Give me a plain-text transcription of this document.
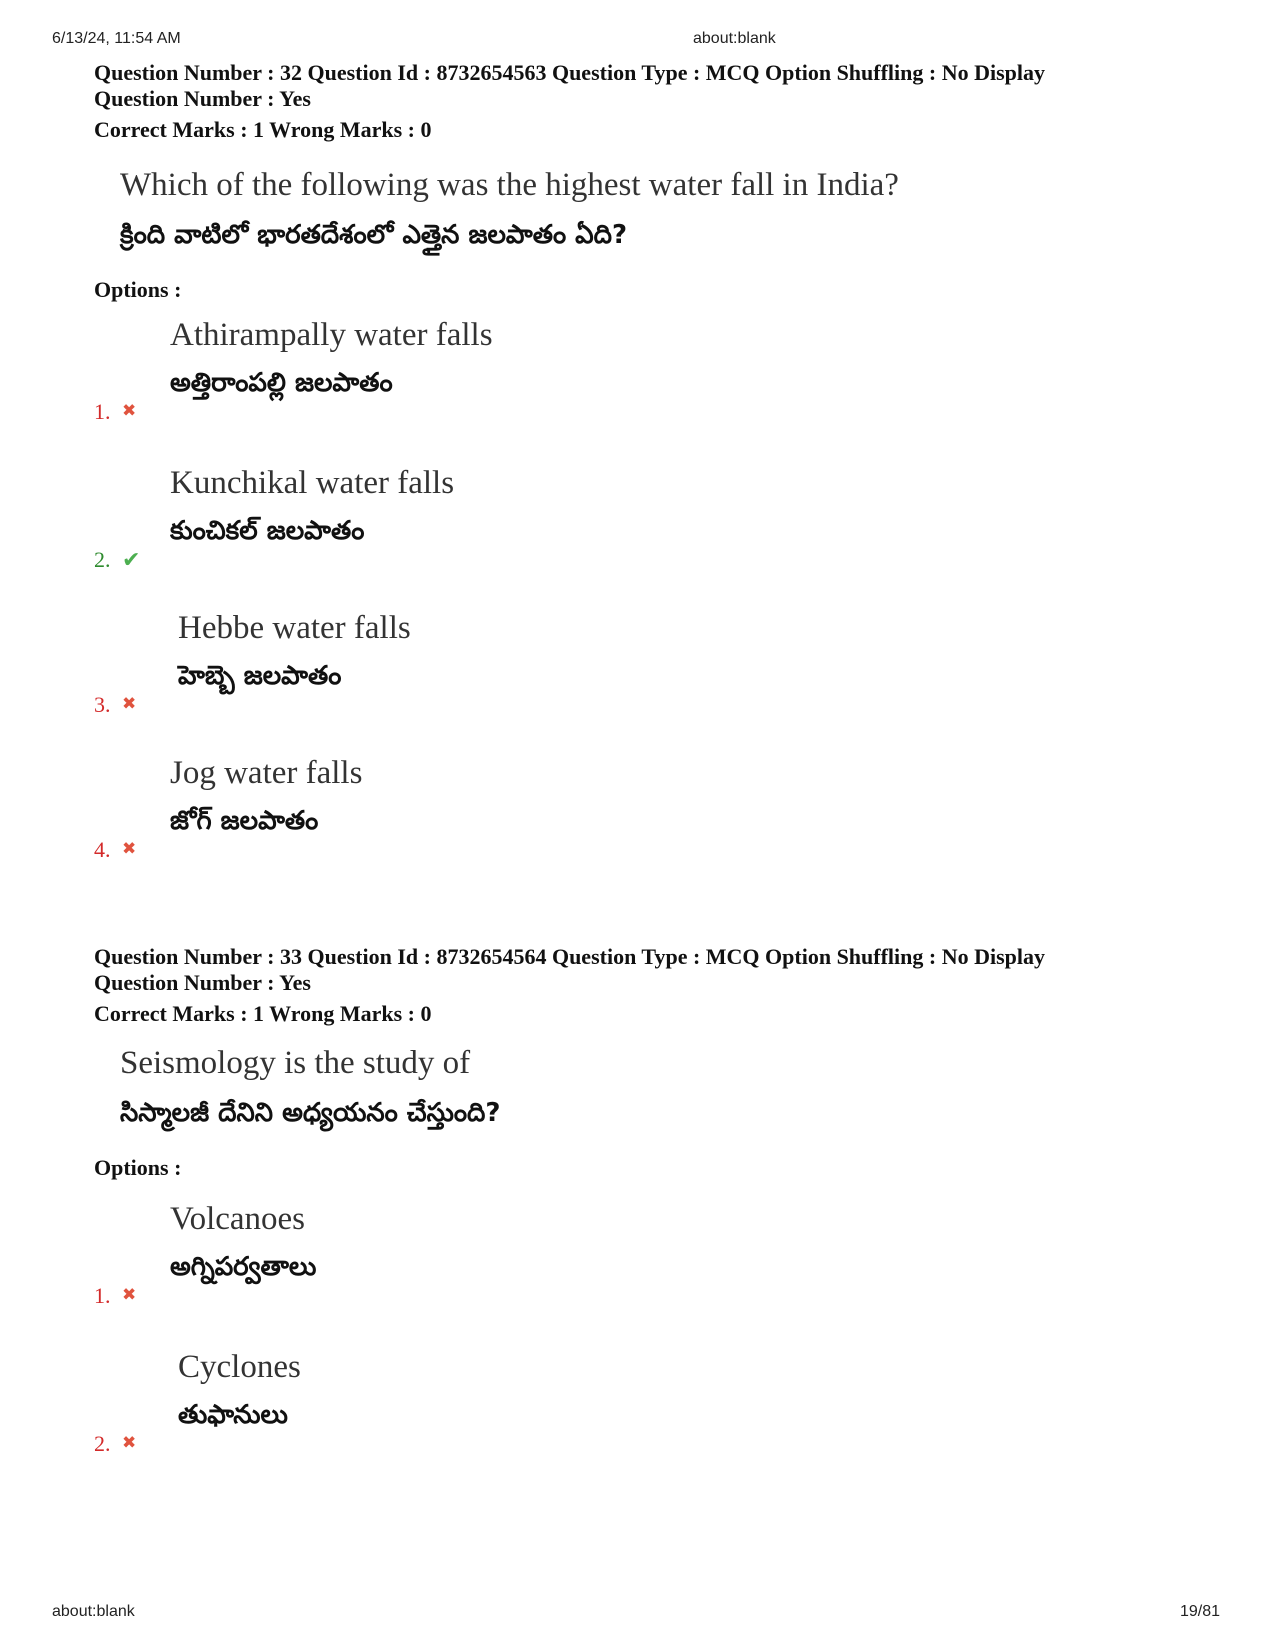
6/13/24, 11:54 AM	about:blank
about:blank	19/81
Question Number : 32 Question Id : 8732654563 Question Type : MCQ Option Shuffling : No Display
Question Number : Yes
Correct Marks : 1 Wrong Marks : 0
Which of the following was the highest water fall in India?
క్రింది వాటిలో భారతదేశంలో ఎత్తైన జలపాతం ఏది?
Options :
Athirampally water falls
అత్తిరాంపల్లి జలపాతం
1. ✖
Kunchikal water falls
కుంచికల్ జలపాతం
2. ✔
Hebbe water falls
హెబ్బె జలపాతం
3. ✖
Jog water falls
జోగ్ జలపాతం
4. ✖
Question Number : 33 Question Id : 8732654564 Question Type : MCQ Option Shuffling : No Display
Question Number : Yes
Correct Marks : 1 Wrong Marks : 0
Seismology is the study of
సిస్మాలజీ దేనిని అధ్యయనం చేస్తుంది?
Options :
Volcanoes
అగ్నిపర్వతాలు
1. ✖
Cyclones
తుఫానులు
2. ✖
